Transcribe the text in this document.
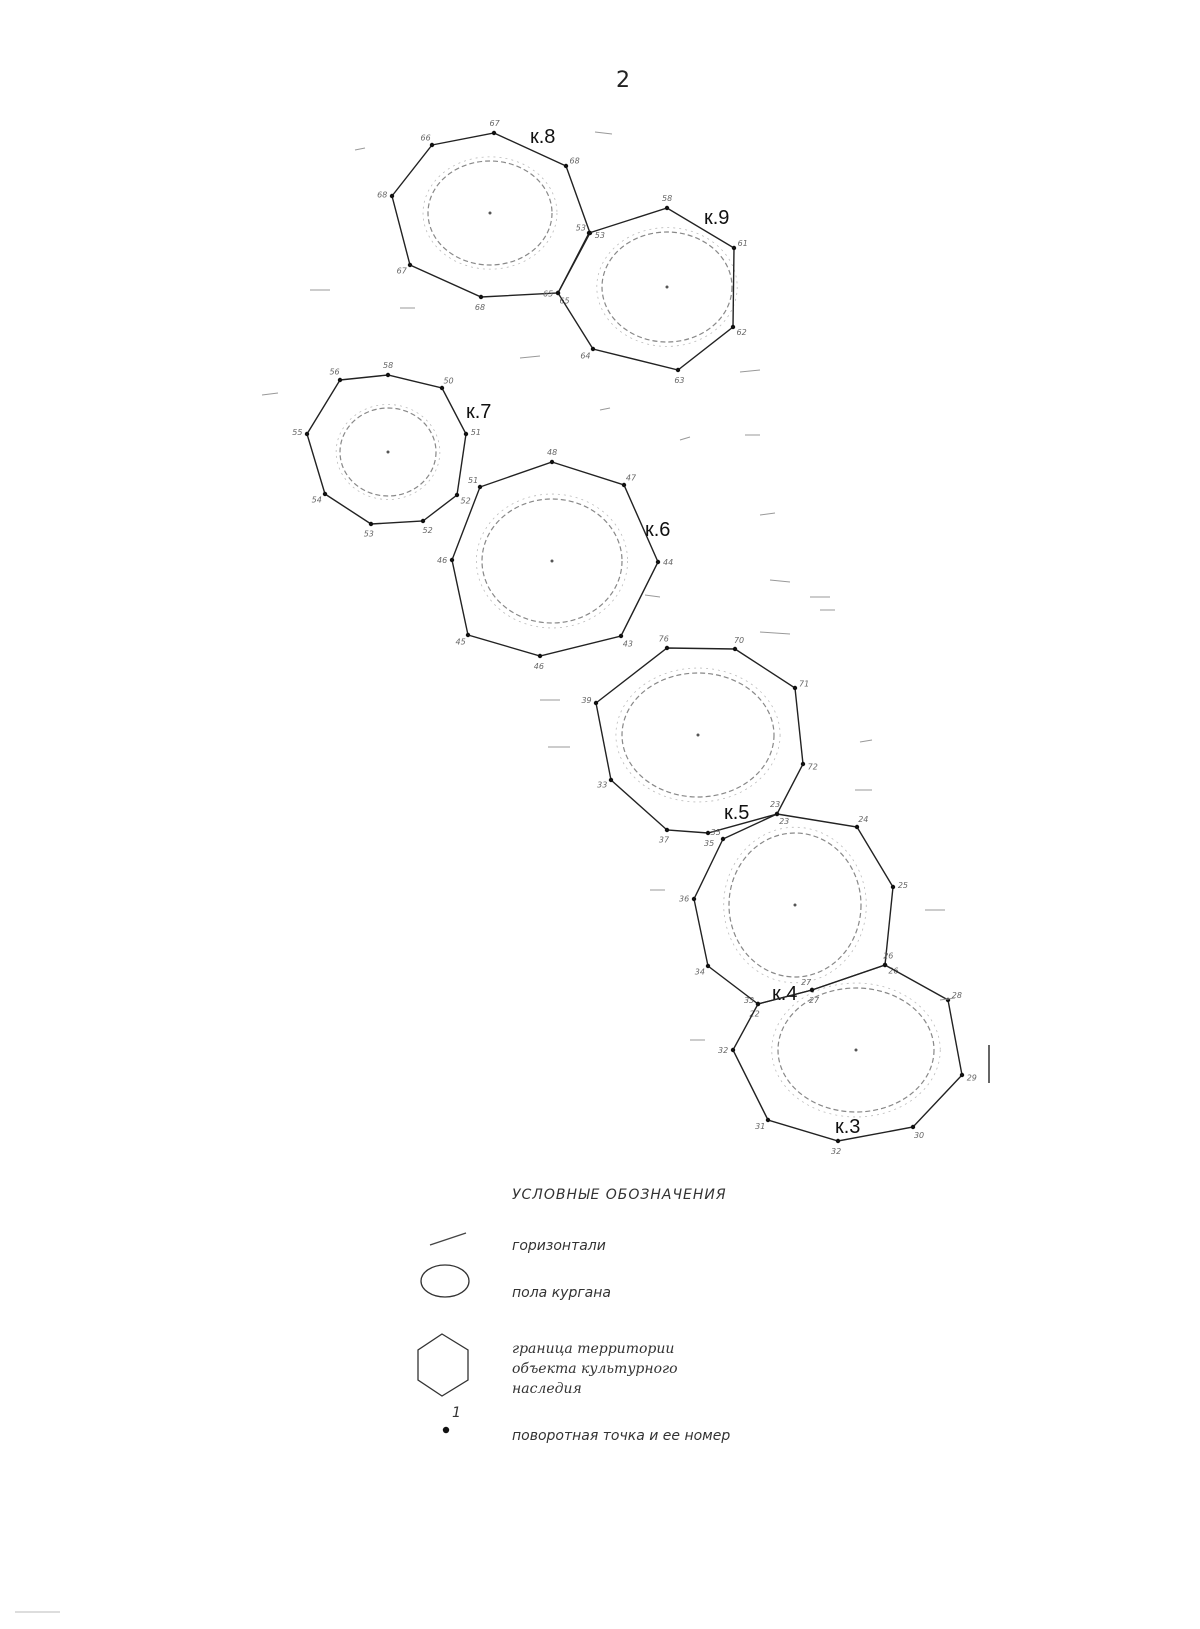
2
66
67
68
53
65
68
67
68
к.8
53
58
61
62
63
64
65
к.9
56
58
50
51
52
52
53
54
55
к.7
48
47
44
43
46
45
46
51
к.6
76	70
71
72
23
35
37
33
39
к.5	23
24
25
26
27
22
34
36
35
к.4
26
28
29
30
32
31
32
33
27
к.3
УСЛОВНЫЕ ОБОЗНАЧЕНИЯ
горизонтали
пола кургана
граница территории
объекта культурного
наследия
1
поворотная точка и ее номер
